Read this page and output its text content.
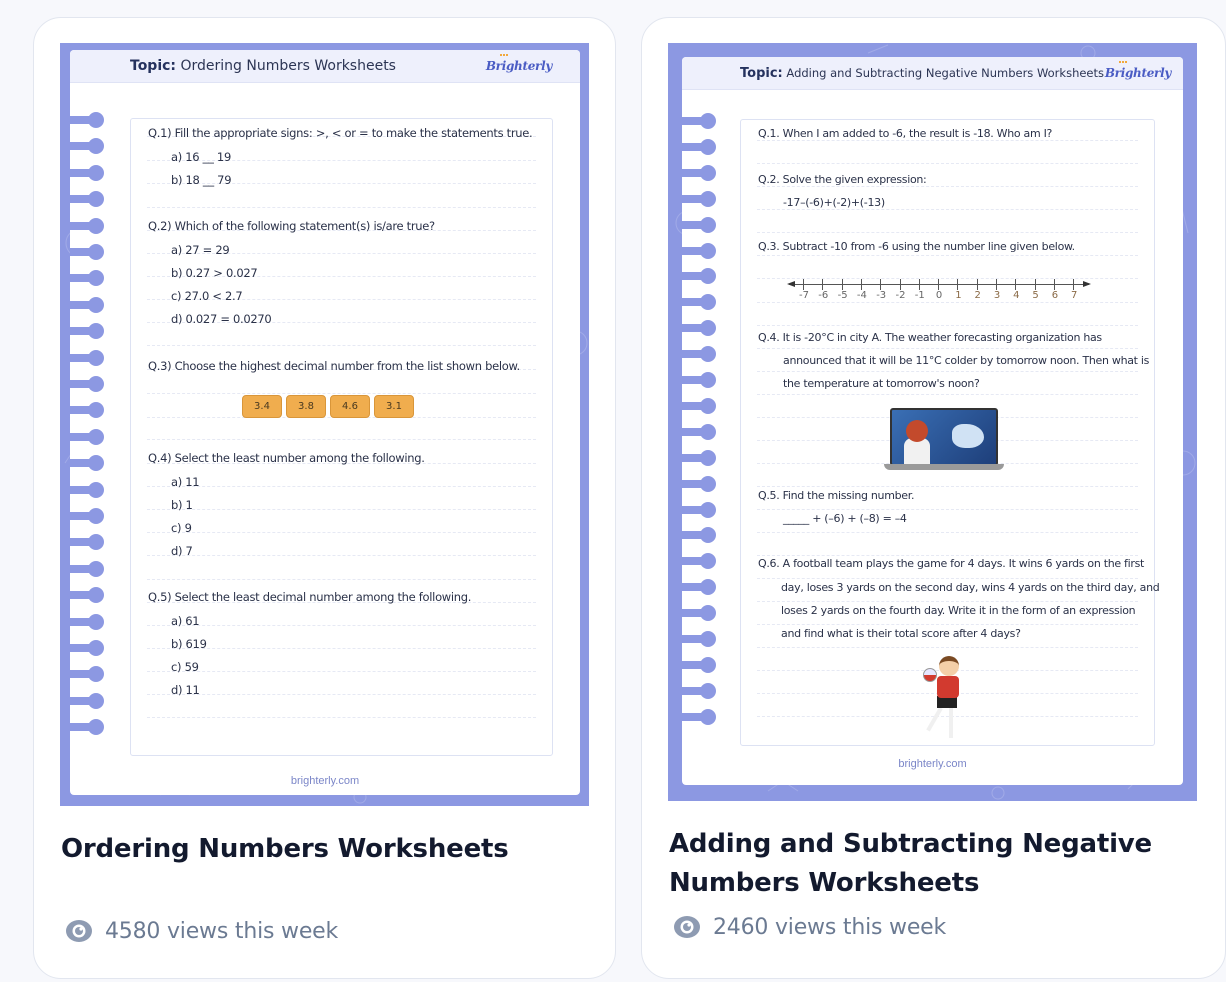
Topic: Ordering Numbers Worksheets	Brighterly
Q.1) Fill the appropriate signs: >, < or = to make the statements true.
a) 16 __ 19
b) 18 __ 79
Q.2) Which of the following statement(s) is/are true?
a) 27 = 29
b) 0.27 > 0.027
c) 27.0 < 2.7
d) 0.027 = 0.0270
Q.3) Choose the highest decimal number from the list shown below.
3.4	3.8	4.6	3.1
Q.4) Select the least number among the following.
a) 11
b) 1
c) 9
d) 7
Q.5) Select the least decimal number among the following.
a) 61
b) 619
c) 59
d) 11
brighterly.com
Ordering Numbers Worksheets
4580 views this week
Topic: Adding and Subtracting Negative Numbers Worksheets Brighterly
Q.1. When I am added to -6, the result is -18. Who am I?
Q.2. Solve the given expression:
-17–(-6)+(-2)+(-13)
Q.3. Subtract -10 from -6 using the number line given below.
-7 -6 -5 -4 -3 -2 -1 0 1 2 3 4 5 6 7
Q.4. It is -20°C in city A. The weather forecasting organization has
announced that it will be 11°C colder by tomorrow noon. Then what is
the temperature at tomorrow's noon?
Q.5. Find the missing number.
_____ + (–6) + (–8) = –4
Q.6. A football team plays the game for 4 days. It wins 6 yards on the first
day, loses 3 yards on the second day, wins 4 yards on the third day, and
loses 2 yards on the fourth day. Write it in the form of an expression
and find what is their total score after 4 days?
brighterly.com
Adding and Subtracting Negative Numbers Worksheets
2460 views this week
